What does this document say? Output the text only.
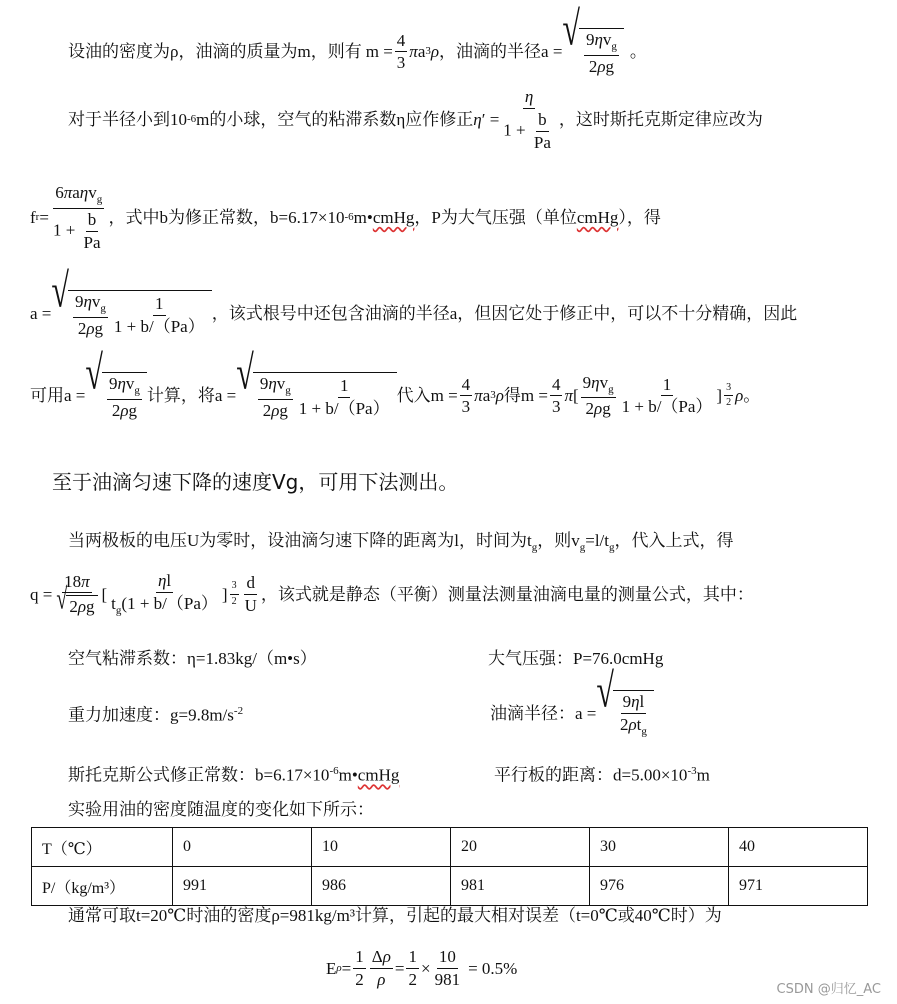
设油的密度为ρ，油滴的质量为m，则有 $m = \frac{4}{3}$ π a 3 ρ ，油滴的半径 a = √ $\frac{9\eta v_g}{2\rho g}$ 。
对于半径小到 10 -6 m的小球，空气的粘滞系数η应作修正 η ′ = $\frac{\eta}{1 + \frac{b}{Pa}}$ ，这时斯托克斯定律应改为
f $r = \frac{6\pi a\eta v_g}{1 + \frac{b}{Pa}}$ ，式中b为修正常数，b=6.17×10 -6 m• cmHg ，P为大气压强（单位 cmHg ），得
a = √ $\frac{9\eta v_g}{2\rho g} \frac{1}{1 + b/(Pa)}$ ，该式根号中还包含油滴的半径a，但因它处于修正中，可以不十分精确，因此
可用 a = √ $\frac{9\eta v_g}{2\rho g}$ 计算，将 a = √ $\frac{9\eta v_g}{2\rho g} \frac{1}{1 + b/(Pa)}$ 代入 $m = \frac{4}{3}$ π a 3 ρ 得 $m = \frac{4}{3}$ π [ $\frac{9\eta v_g}{2\rho g} \frac{1}{1 + b/(Pa)}$ ] $\frac{3}{2}$ ρ 。
至于油滴匀速下降的速度Vg，可用下法测出。
当两极板的电压U为零时，设油滴匀速下降的距离为l，时间为$t_g$，则$v_g=l/t_g$，代入上式，得
$q = \frac{18\pi}{\text{√ 2 ρ g}}$ [ $\frac{\eta l}{t_g(1 + b/(Pa)}$ ] $\frac{3}{2} \frac{d}{U}$ ，该式就是静态（平衡）测量法测量油滴电量的测量公式，其中：
空气粘滞系数：η=1.83kg/（m•s）	大气压强：P=76.0cmHg
重力加速度：$g=9.8m/s^{-2}$	油滴半径： a = √ $\frac{9\eta l}{2\rho t_g}$
斯托克斯公式修正常数：$b=6.17\times 10^{-6}m•cmHg$	平行板的距离：$d=5.00\times 10^{-3}m$
实验用油的密度随温度的变化如下所示：
T（℃）	0	10	20	30	40
P/（kg/m³）	991	986	981	976	971
通常可取t=20℃时油的密度ρ=981kg/m³计算，引起的最大相对误差（t=0℃或40℃时）为
E $\rho = \frac{1}{2} \frac{\Delta\rho}{\rho} = \frac{1}{2} \times \frac{10}{981} = 0.5\%$
CSDN @归忆_AC
